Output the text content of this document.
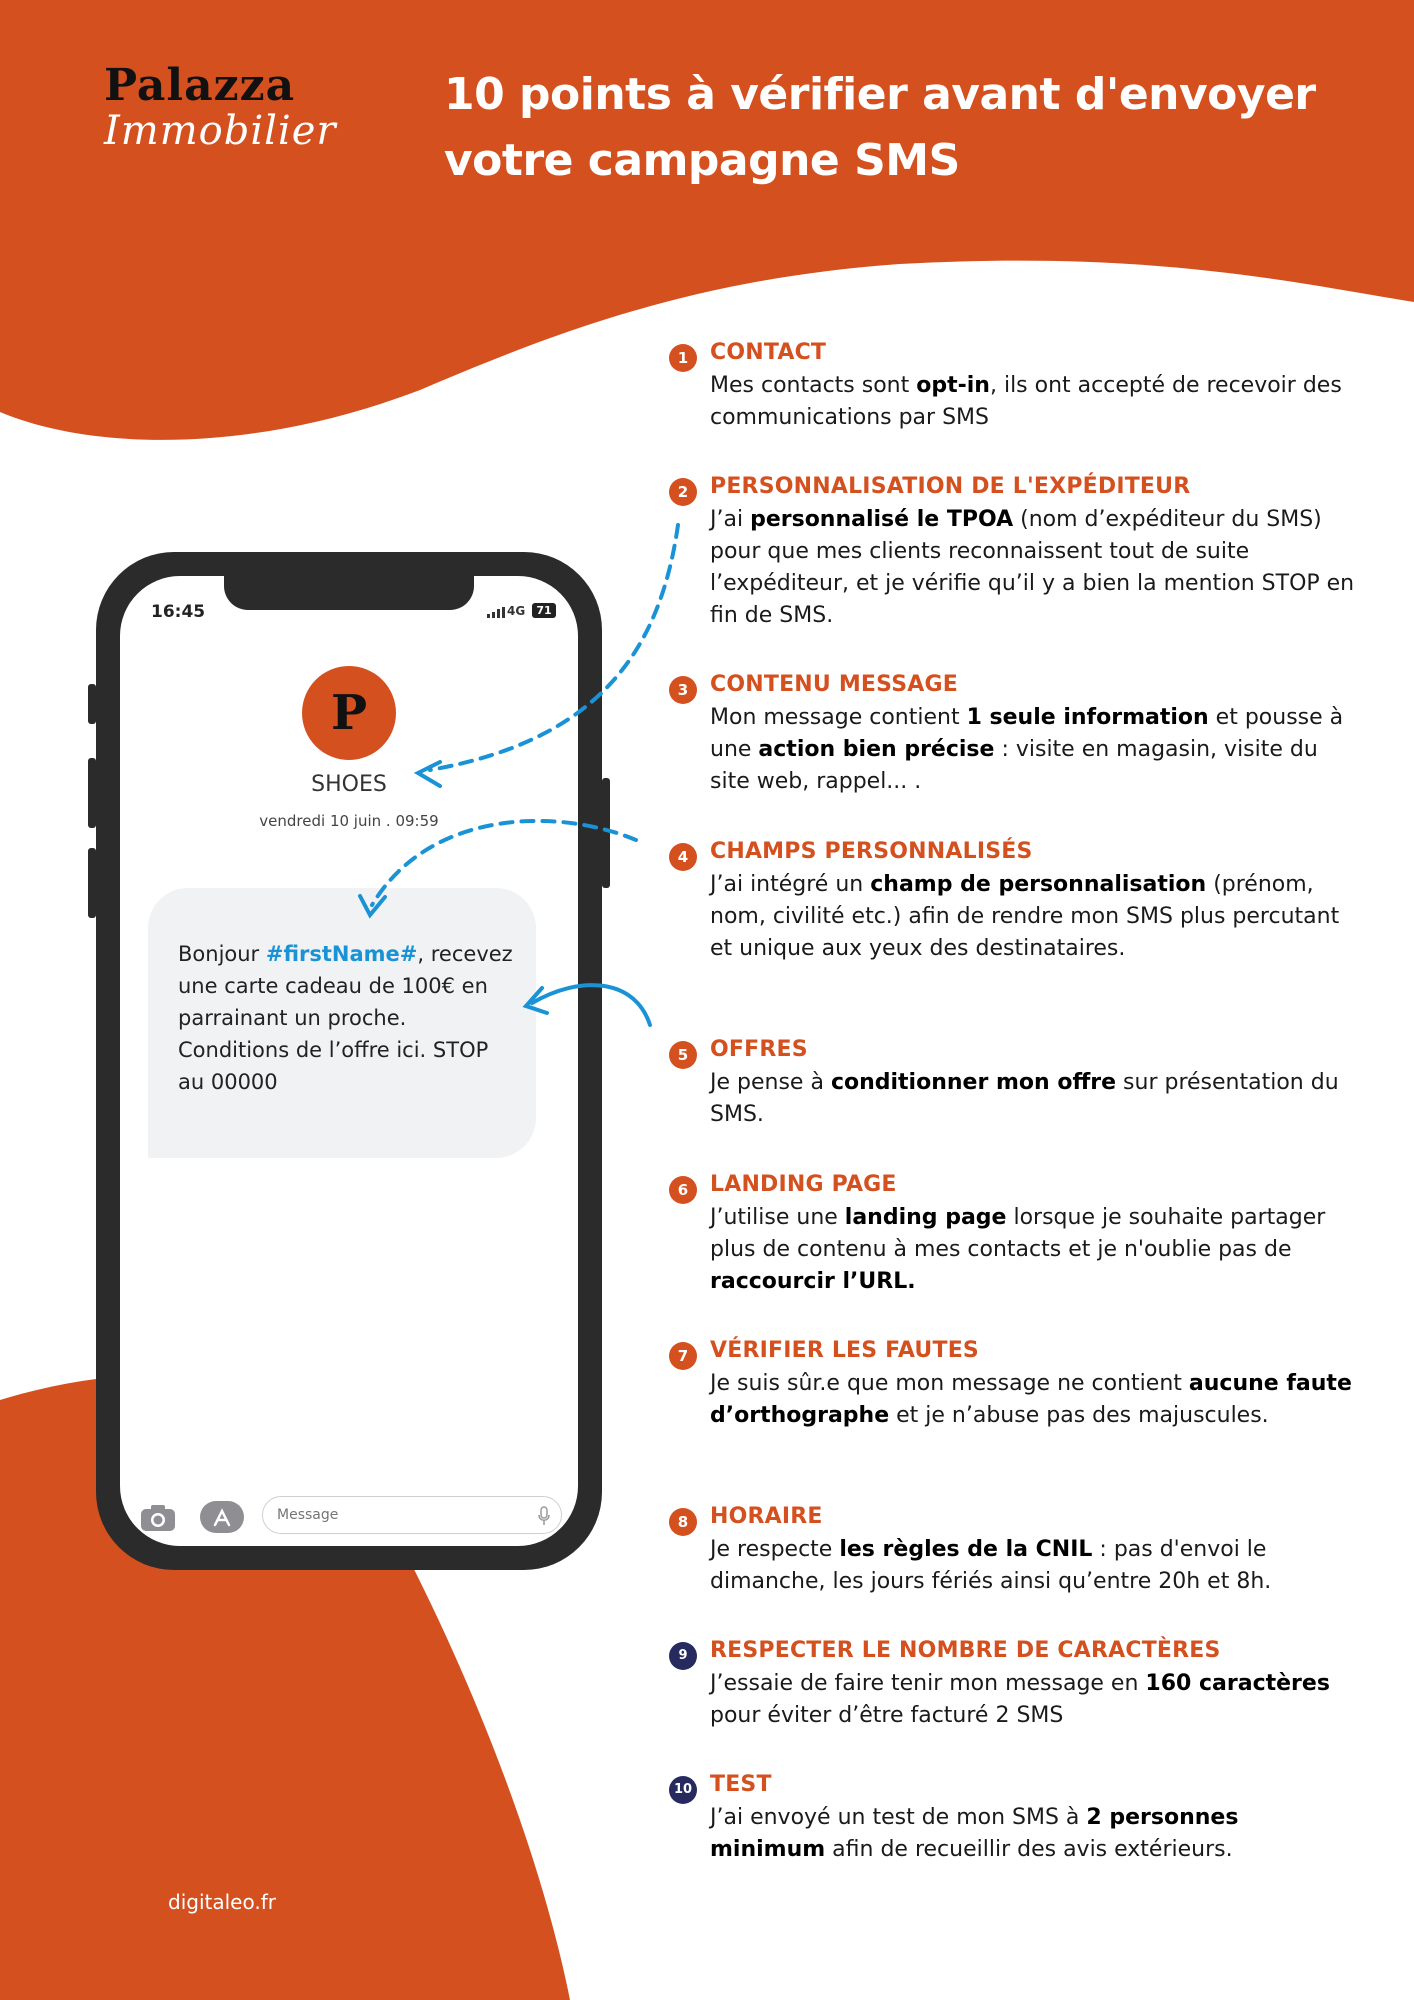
Palazza
Immobilier
10 points à vérifier avant d'envoyer
votre campagne SMS
16:45	4G	71
P
SHOES
vendredi 10 juin . 09:59
Bonjour #firstName#, recevez une carte cadeau de 100€ en parrainant un proche. Conditions de l’offre ici. STOP au 00000
Message
1 CONTACT
Mes contacts sont opt-in, ils ont accepté de recevoir des communications par SMS
2 PERSONNALISATION DE L'EXPÉDITEUR
J’ai personnalisé le TPOA (nom d’expéditeur du SMS) pour que mes clients reconnaissent tout de suite l’expéditeur, et je vérifie qu’il y a bien la mention STOP en fin de SMS.
3 CONTENU MESSAGE
Mon message contient 1 seule information et pousse à une action bien précise : visite en magasin, visite du site web, rappel... .
4 CHAMPS PERSONNALISÉS
J’ai intégré un champ de personnalisation (prénom, nom, civilité etc.) afin de rendre mon SMS plus percutant et unique aux yeux des destinataires.
5 OFFRES
Je pense à conditionner mon offre sur présentation du SMS.
6 LANDING PAGE
J’utilise une landing page lorsque je souhaite partager plus de contenu à mes contacts et je n'oublie pas de raccourcir l’URL.
7 VÉRIFIER LES FAUTES
Je suis sûr.e que mon message ne contient aucune faute d’orthographe et je n’abuse pas des majuscules.
8 HORAIRE
Je respecte les règles de la CNIL : pas d'envoi le dimanche, les jours fériés ainsi qu’entre 20h et 8h.
9	RESPECTER LE NOMBRE DE CARACTÈRES
J’essaie de faire tenir mon message en 160 caractères pour éviter d’être facturé 2 SMS
10 TEST
J’ai envoyé un test de mon SMS à 2 personnes minimum afin de recueillir des avis extérieurs.
digitaleo.fr
